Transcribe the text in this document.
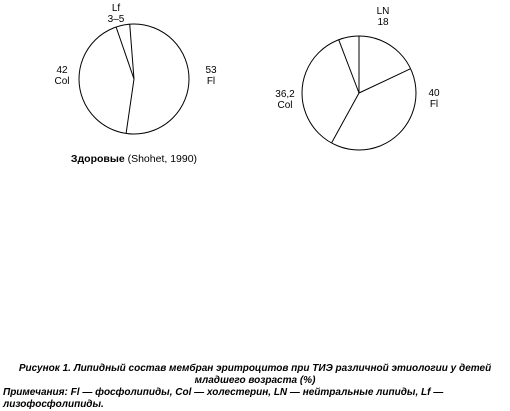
Lf 3–5
53 Fl
42 Col
Здоровые (Shohet, 1990)
LN 18
40 Fl
36,2 Col
Рисунок 1. Липидный состав мембран эритроцитов при ТИЭ различной этиологии у детей младшего возраста (%)
Примечания: Fl — фосфолипиды, Col — холестерин, LN — нейтральные липиды, Lf — лизофосфолипиды.
